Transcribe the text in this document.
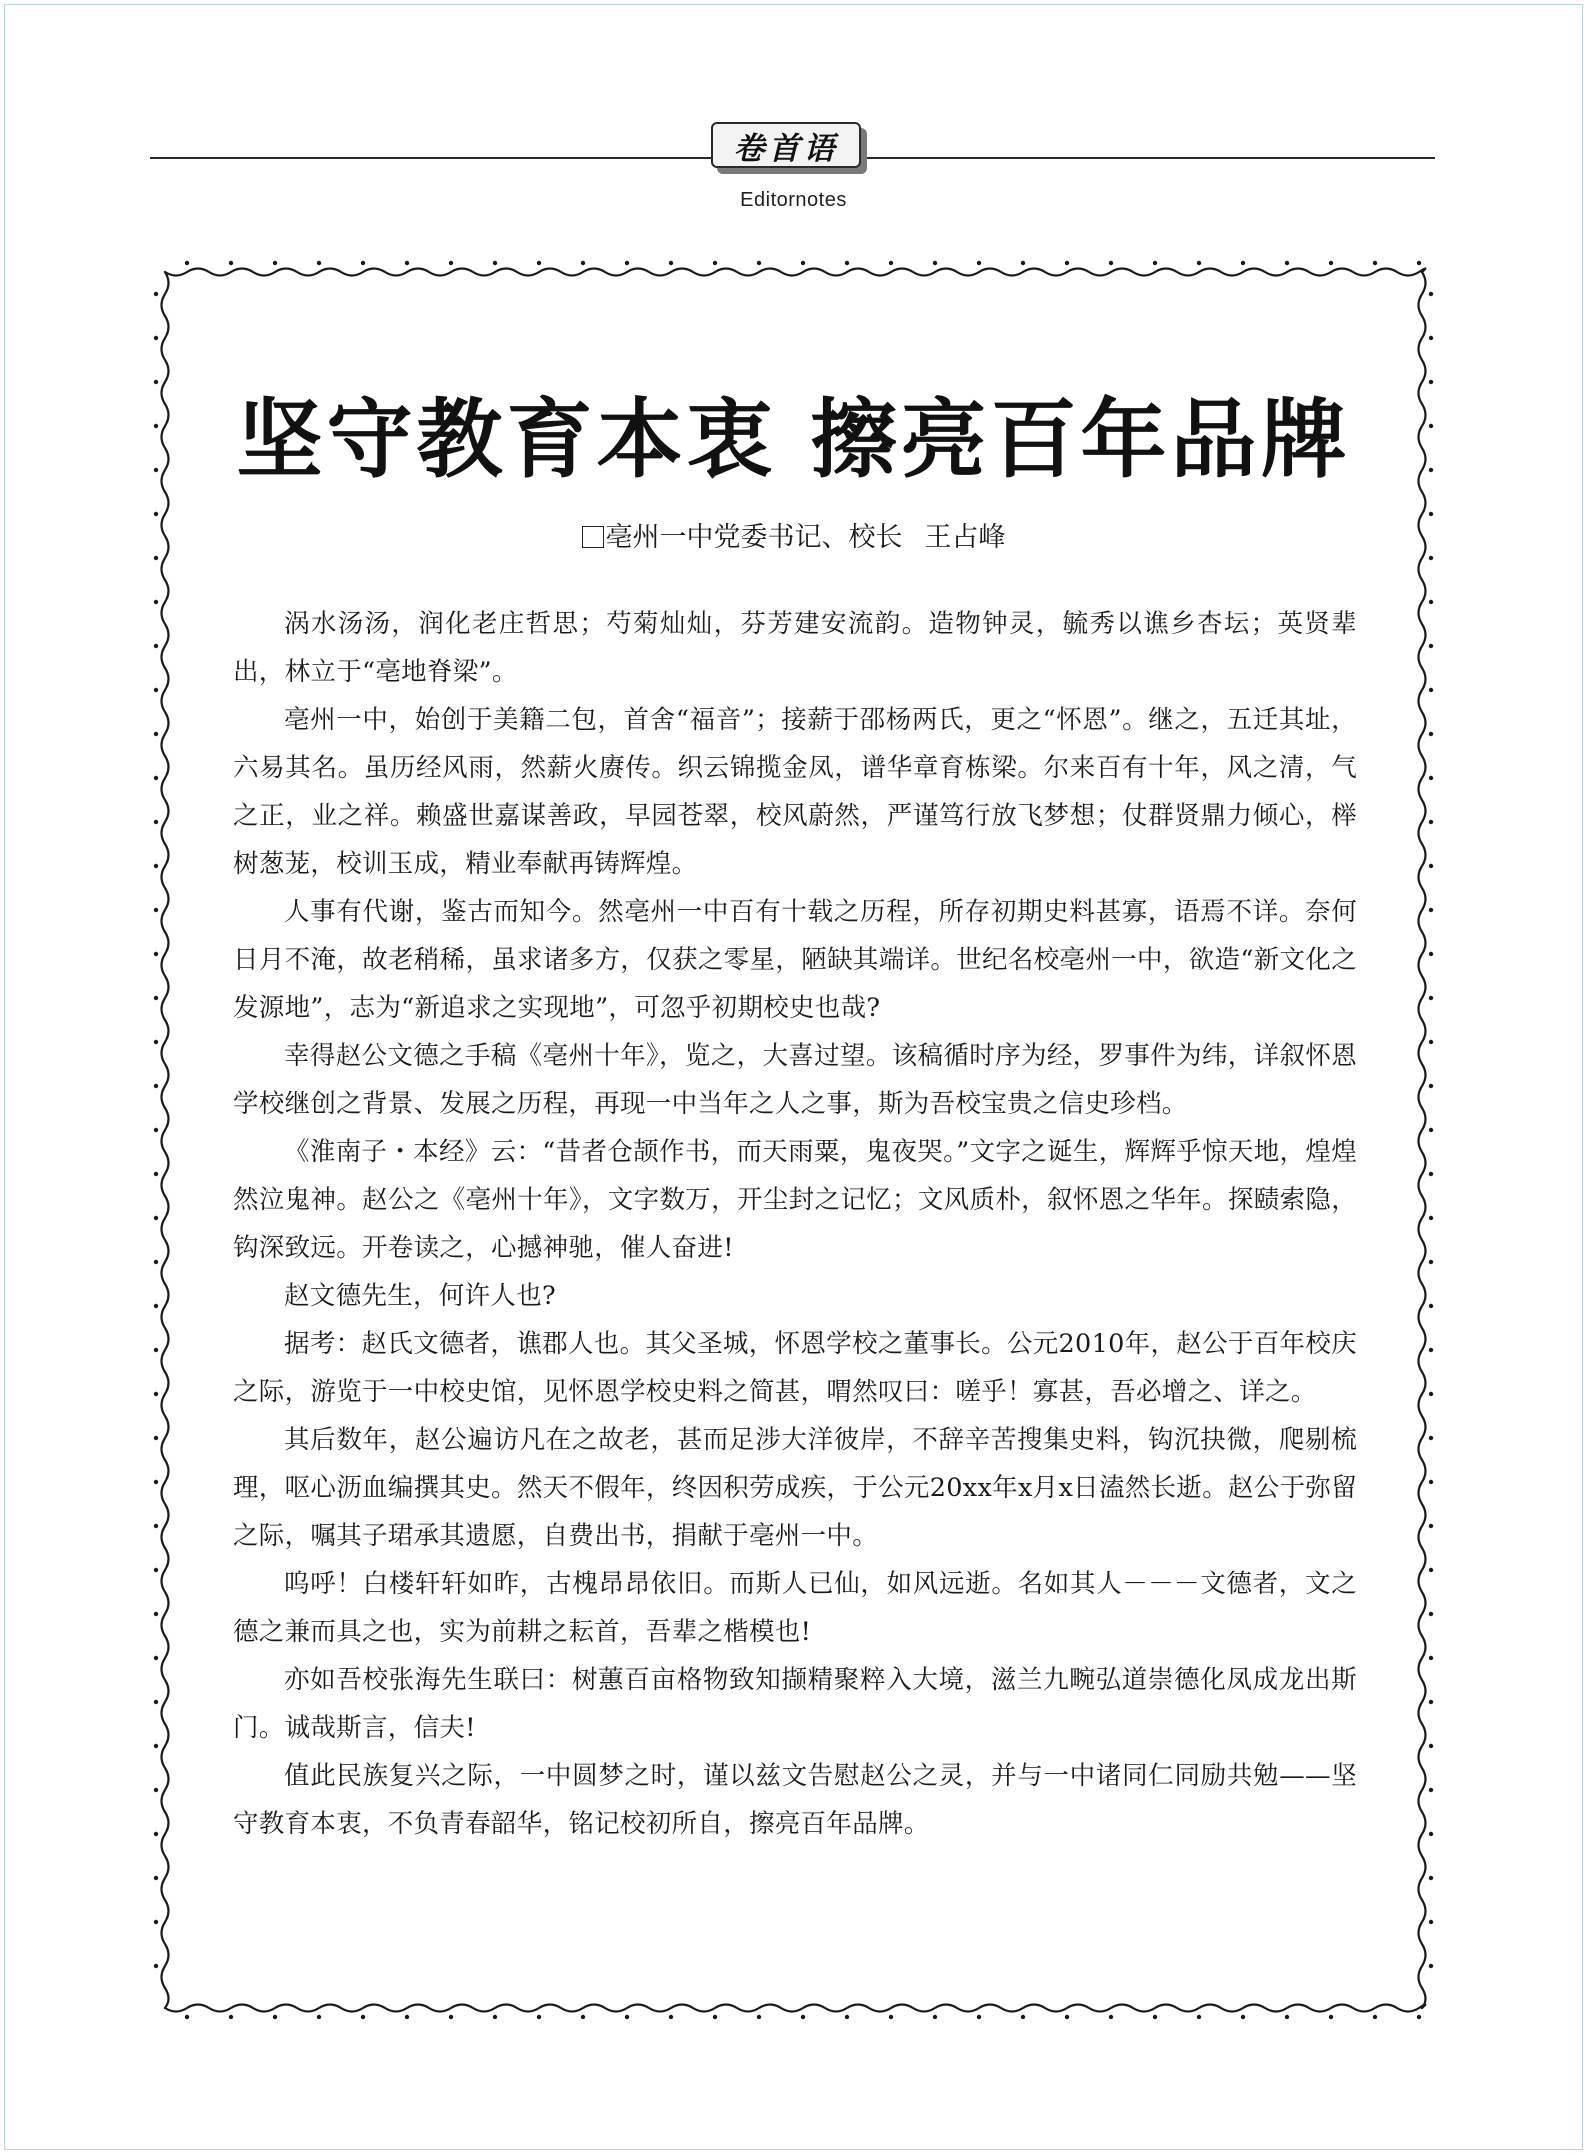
卷首语
Editornotes
坚守教育本衷 擦亮百年品牌
亳州一中党委书记、校长 王占峰

涡水汤汤，润化老庄哲思；芍菊灿灿，芬芳建安流韵。造物钟灵，毓秀以谯乡杏坛；英贤辈出，林立于“亳地脊梁”。

亳州一中，始创于美籍二包，首舍“福音”；接薪于邵杨两氏，更之“怀恩”。继之，五迁其址，六易其名。虽历经风雨，然薪火赓传。织云锦揽金凤，谱华章育栋梁。尔来百有十年，风之清，气之正，业之祥。赖盛世嘉谋善政，早园苍翠，校风蔚然，严谨笃行放飞梦想；仗群贤鼎力倾心，榉树葱茏，校训玉成，精业奉献再铸辉煌。

人事有代谢，鉴古而知今。然亳州一中百有十载之历程，所存初期史料甚寡，语焉不详。奈何日月不淹，故老稍稀，虽求诸多方，仅获之零星，陋缺其端详。世纪名校亳州一中，欲造“新文化之发源地”，志为“新追求之实现地”，可忽乎初期校史也哉?

幸得赵公文德之手稿《亳州十年》，览之，大喜过望。该稿循时序为经，罗事件为纬，详叙怀恩学校继创之背景、发展之历程，再现一中当年之人之事，斯为吾校宝贵之信史珍档。

《淮南子・本经》云：“昔者仓颉作书，而天雨粟，鬼夜哭。”文字之诞生，辉辉乎惊天地，煌煌然泣鬼神。赵公之《亳州十年》，文字数万，开尘封之记忆；文风质朴，叙怀恩之华年。探赜索隐，钩深致远。开卷读之，心撼神驰，催人奋进!

赵文德先生，何许人也?

据考：赵氏文德者，谯郡人也。其父圣城，怀恩学校之董事长。公元2010年，赵公于百年校庆之际，游览于一中校史馆，见怀恩学校史料之简甚，喟然叹曰：嗟乎！寡甚，吾必增之、详之。

其后数年，赵公遍访凡在之故老，甚而足涉大洋彼岸，不辞辛苦搜集史料，钩沉抉微，爬剔梳理，呕心沥血编撰其史。然天不假年，终因积劳成疾，于公元20xx年x月x日溘然长逝。赵公于弥留之际，嘱其子珺承其遗愿，自费出书，捐献于亳州一中。

呜呼！白楼轩轩如昨，古槐昂昂依旧。而斯人已仙，如风远逝。名如其人－－－文德者，文之德之兼而具之也，实为前耕之耘首，吾辈之楷模也!

亦如吾校张海先生联曰：树蕙百亩格物致知撷精聚粹入大境，滋兰九畹弘道崇德化凤成龙出斯门。诚哉斯言，信夫!

值此民族复兴之际，一中圆梦之时，谨以兹文告慰赵公之灵，并与一中诸同仁同励共勉——坚守教育本衷，不负青春韶华，铭记校初所自，擦亮百年品牌。
